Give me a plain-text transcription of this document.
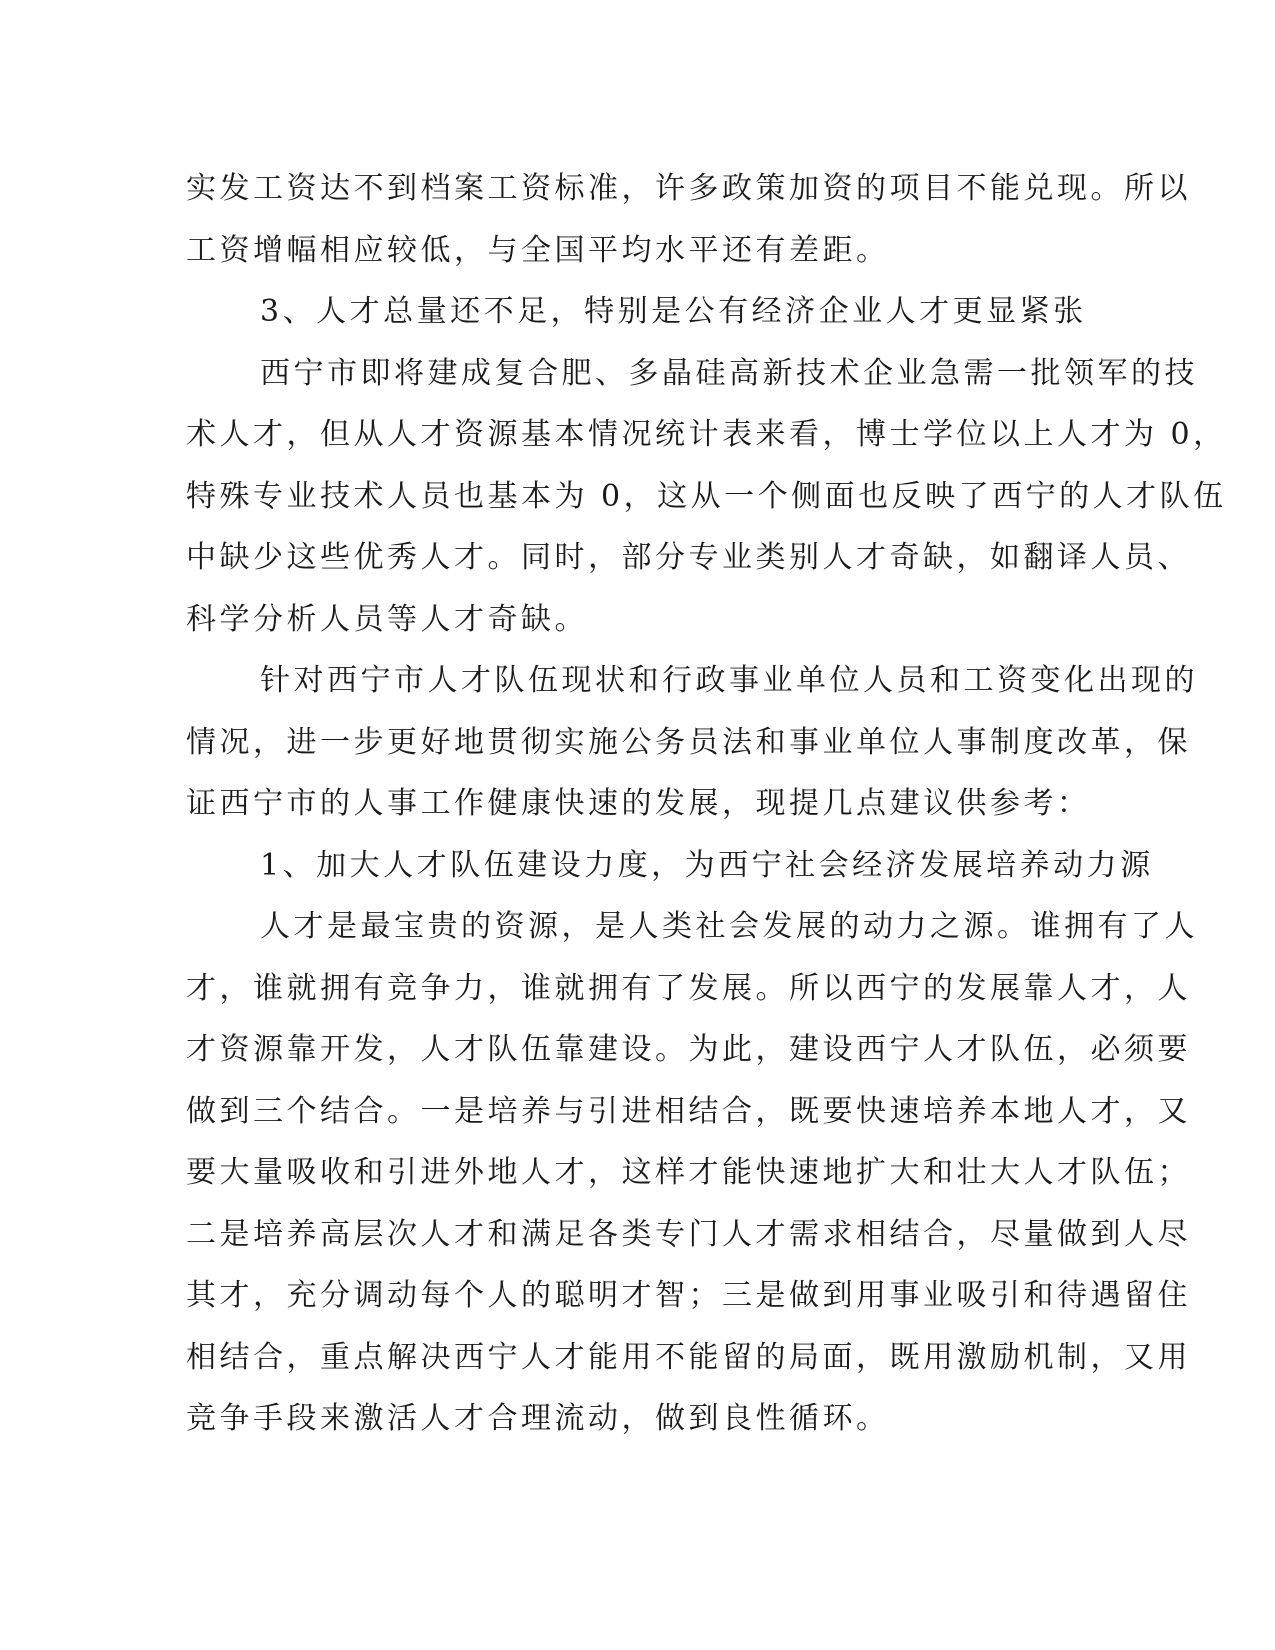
实发工资达不到档案工资标准，许多政策加资的项目不能兑现。所以
工资增幅相应较低，与全国平均水平还有差距。
3、人才总量还不足，特别是公有经济企业人才更显紧张
西宁市即将建成复合肥、多晶硅高新技术企业急需一批领军的技
术人才，但从人才资源基本情况统计表来看，博士学位以上人才为 0，
特殊专业技术人员也基本为 0，这从一个侧面也反映了西宁的人才队伍
中缺少这些优秀人才。同时，部分专业类别人才奇缺，如翻译人员、
科学分析人员等人才奇缺。
针对西宁市人才队伍现状和行政事业单位人员和工资变化出现的
情况，进一步更好地贯彻实施公务员法和事业单位人事制度改革，保
证西宁市的人事工作健康快速的发展，现提几点建议供参考：
1、加大人才队伍建设力度，为西宁社会经济发展培养动力源
人才是最宝贵的资源，是人类社会发展的动力之源。谁拥有了人
才，谁就拥有竞争力，谁就拥有了发展。所以西宁的发展靠人才，人
才资源靠开发，人才队伍靠建设。为此，建设西宁人才队伍，必须要
做到三个结合。一是培养与引进相结合，既要快速培养本地人才，又
要大量吸收和引进外地人才，这样才能快速地扩大和壮大人才队伍；
二是培养高层次人才和满足各类专门人才需求相结合，尽量做到人尽
其才，充分调动每个人的聪明才智；三是做到用事业吸引和待遇留住
相结合，重点解决西宁人才能用不能留的局面，既用激励机制，又用
竞争手段来激活人才合理流动，做到良性循环。
